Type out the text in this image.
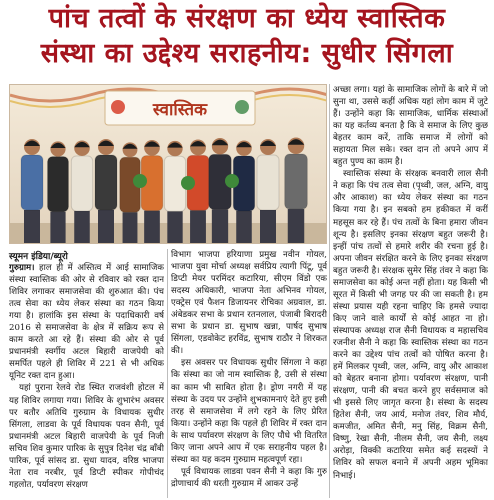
पांच तत्वों के संरक्षण का ध्येय स्वास्तिक
संस्था का उद्देश्य सराहनीय: सुधीर सिंगला
स्वास्तिक
स्यूमन इंडिया/ब्यूरो

गुरुग्राम। हाल ही में अस्तित्व में आई सामाजिक संस्था स्वास्तिक की ओर से रविवार को रक्त दान शिविर लगाकर समाजसेवा की शुरुआत की। पंच तत्व सेवा का ध्येय लेकर संस्था का गठन किया गया है। हालांकि इस संस्था के पदाधिकारी वर्ष 2016 से समाजसेवा के क्षेत्र में सक्रिय रूप से काम करते आ रहे हैं। संस्था की ओर से पूर्व प्रधानमंत्री स्वर्गीय अटल बिहारी वाजपेयी को समर्पित पहले ही शिविर में 221 से भी अधिक यूनिट रक्त दान हुआ।

यहां पुराना रेलवे रोड स्थित राजवंशी होटल में यह शिविर लगाया गया। शिविर के शुभारंभ अवसर पर बतौर अतिथि गुरुग्राम के विधायक सुधीर सिंगला, लाडवा के पूर्व विधायक पवन सैनी, पूर्व प्रधानमंत्री अटल बिहारी वाजपेयी के पूर्व निजी सचिव शिव कुमार पारिक के सुपुत्र दिनेश चंद्र बाँबी पारिक, पूर्व सांसद डा. सुधा यादव, वरिष्ठ भाजपा नेता राव नरबीर, पूर्व डिप्टी स्पीकर गोपीचंद गहलोत, पर्यावरण संरक्षण

विभाग भाजपा हरियाणा प्रमुख नवीन गोयल, भाजपा युवा मोर्चा अध्यक्ष सर्वप्रिय त्यागी पिंटू, पूर्व डिप्टी मेयर परमिंदर कटारिया, सीएम विंडो एक सदस्य अधिकारी, भाजपा नेता अभिनव गोयल, एक्ट्रेस एवं फैशन डिजायनर रोचिका अग्रवाल, डा. अंबेडकर सभा के प्रधान रतनलाल, पंजाबी बिरादरी सभा के प्रधान डा. सुभाष खन्ना, पार्षद सुभाष सिंगला, एडवोकेट हरविंद्र, सुभाष राठौर ने शिरकत की।

इस अवसर पर विधायक सुधीर सिंगला ने कहा कि संस्था का जो नाम स्वास्तिक है, उसी से संस्था का काम भी साबित होता है। ड्रोण नगरी में यह संस्था के उदय पर उन्होंने शुभकामनाएं देते हुए इसी तरह से समाजसेवा में लगे रहने के लिए प्रेरित किया। उन्होंने कहा कि पहले ही शिविर में रक्त दान के साथ पर्यावरण संरक्षण के लिए पौधे भी वितरित किए जाना अपने आप में एक सराहनीय पहल है। संस्था का यह कदम गुरुग्राम महत्वपूर्ण रहा।

पूर्व विधायक लाडवा पवन सैनी ने कहा कि गुरु द्रोणाचार्य की धरती गुरुग्राम में आकर उन्हें

अच्छा लगा। यहां के सामाजिक लोगों के बारे में जो सुना था, उससे कहीं अधिक यहां लोग काम में जुटे हैं। उन्होंने कहा कि सामाजिक, धार्मिक संस्थाओं का यह कर्तव्य बनता है कि वे समाज के लिए कुछ बेहतर काम करें, ताकि समाज में लोगों को सहायता मिल सके। रक्त दान तो अपने आप में बहुत पुण्य का काम है।

स्वास्तिक संस्था के संरक्षक बनवारी लाल सैनी ने कहा कि पंच तत्व सेवा (पृथ्वी, जल, अग्नि, वायु और आकाश) का ध्येय लेकर संस्था का गठन किया गया है। इन सबको हम हकीकत में करीं महसूस कर रहे हैं। पंच तत्वों के बिना हमारा जीवन शून्य है। इसलिए इनका संरक्षण बहुत जरूरी है। इन्हीं पांच तत्वों से हमारे शरीर की रचना हुई है। अपना जीवन संरक्षित करने के लिए इनका संरक्षण बहुत जरूरी है। संरक्षक सुमेर सिंह तंवर ने कहा कि समाजसेवा का कोई अन्त नहीं होता। यह किसी भी सूरत में किसी भी जगह पर की जा सकती है। हम संस्था प्रयास यही रहना चाहिए कि हमसे ज्यादा किए जाने वाले कार्यों से कोई आहत ना हो। संस्थापक अध्यक्ष राज सैनी विधायक व महासचिव रजनीश सैनी ने कहा कि स्वास्तिक संस्था का गठन करने का उद्देश्य पांच तत्वों को पोषित करना है। हमें मिलकर पृथ्वी, जल, अग्नि, वायु और आकाश को बेहतर बनाना होगा। पर्यावरण संरक्षण, पानी संरक्षण, पानी की बचत करने हुए सर्वसमाज को भी इससे लिए जागृत करना है। संस्था के सदस्य हितेश सैनी, जय आर्य, मनोज तंवर, शिव मौर्य, कमजीत, अमित सैनी, मनु सिंह, विक्रम सैनी, विष्णु, रेखा सैनी, नीलम सैनी, जय सैनी, लक्ष्य अरोड़ा, विक्की कटारिया समेत कई सदस्यों ने शिविर को सफल बनाने में अपनी अहम भूमिका निभाई।
